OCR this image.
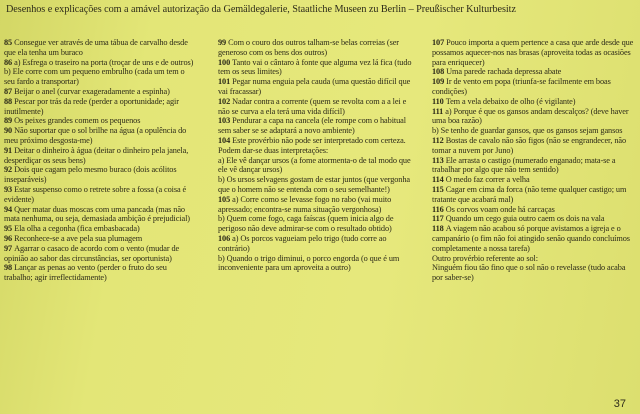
Desenhos e explicações com a amável autorização da Gemäldegalerie, Staatliche Museen zu Berlin – Preußischer Kulturbesitz

85 Consegue ver através de uma tábua de carvalho desde que ela tenha um buraco

86 a) Esfrega o traseiro na porta (troçar de uns e de outros)

b) Ele corre com um pequeno embrulho (cada um tem o seu fardo a transportar)

87 Beijar o anel (curvar exageradamente a espinha)

88 Pescar por trás da rede (perder a oportunidade; agir inutilmente)

89 Os peixes grandes comem os pequenos

90 Não suportar que o sol brilhe na água (a opulência do meu próximo desgosta-me)

91 Deitar o dinheiro à água (deitar o dinheiro pela janela, desperdiçar os seus bens)

92 Dois que cagam pelo mesmo buraco (dois acólitos inseparáveis)

93 Estar suspenso como o retrete sobre a fossa (a coisa é evidente)

94 Quer matar duas moscas com uma pancada (mas não mata nenhuma, ou seja, demasiada ambição é prejudicial)

95 Ela olha a cegonha (fica embasbacada)

96 Reconhece-se a ave pela sua plumagem

97 Agarrar o casaco de acordo com o vento (mudar de opinião ao sabor das circunstâncias, ser oportunista)

98 Lançar as penas ao vento (perder o fruto do seu trabalho; agir irreflectidamente)

99 Com o couro dos outros talham-se belas correias (ser generoso com os bens dos outros)

100 Tanto vai o cântaro à fonte que alguma vez lá fica (tudo tem os seus limites)

101 Pegar numa enguia pela cauda (uma questão difícil que vai fracassar)

102 Nadar contra a corrente (quem se revolta com a a lei e não se curva a ela terá uma vida difícil)

103 Pendurar a capa na cancela (ele rompe com o habitual sem saber se se adaptará a novo ambiente)

104 Este provérbio não pode ser interpretado com certeza. Podem dar-se duas interpretações:

a) Ele vê dançar ursos (a fome atormenta-o de tal modo que ele vê dançar ursos)

b) Os ursos selvagens gostam de estar juntos (que vergonha que o homem não se entenda com o seu semelhante!)

105 a) Corre como se levasse fogo no rabo (vai muito apressado; encontra-se numa situação vergonhosa)

b) Quem come fogo, caga faíscas (quem inicia algo de perigoso não deve admirar-se com o resultado obtido)

106 a) Os porcos vagueiam pelo trigo (tudo corre ao contrário)

b) Quando o trigo diminui, o porco engorda (o que é um inconveniente para um aproveita a outro)

107 Pouco importa a quem pertence a casa que arde desde que possamos aquecer-nos nas brasas (aproveita todas as ocasiões para enriquecer)

108 Uma parede rachada depressa abate

109 Ir de vento em popa (triunfa-se facilmente em boas condições)

110 Tem a vela debaixo de olho (é vigilante)

111 a) Porque é que os gansos andam descalços? (deve haver uma boa razão)

b) Se tenho de guardar gansos, que os gansos sejam gansos

112 Bostas de cavalo não são figos (não se engrandecer, não tomar a nuvem por Juno)

113 Ele arrasta o castigo (numerado enganado; mata-se a trabalhar por algo que não tem sentido)

114 O medo faz correr a velha

115 Cagar em cima da forca (não teme qualquer castigo; um tratante que acabará mal)

116 Os corvos voam onde há carcaças

117 Quando um cego guia outro caem os dois na vala

118 A viagem não acabou só porque avistamos a igreja e o campanário (o fim não foi atingido senão quando concluímos completamente a nossa tarefa)

Outro provérbio referente ao sol:

Ninguém fiou tão fino que o sol não o revelasse (tudo acaba por saber-se)

37
